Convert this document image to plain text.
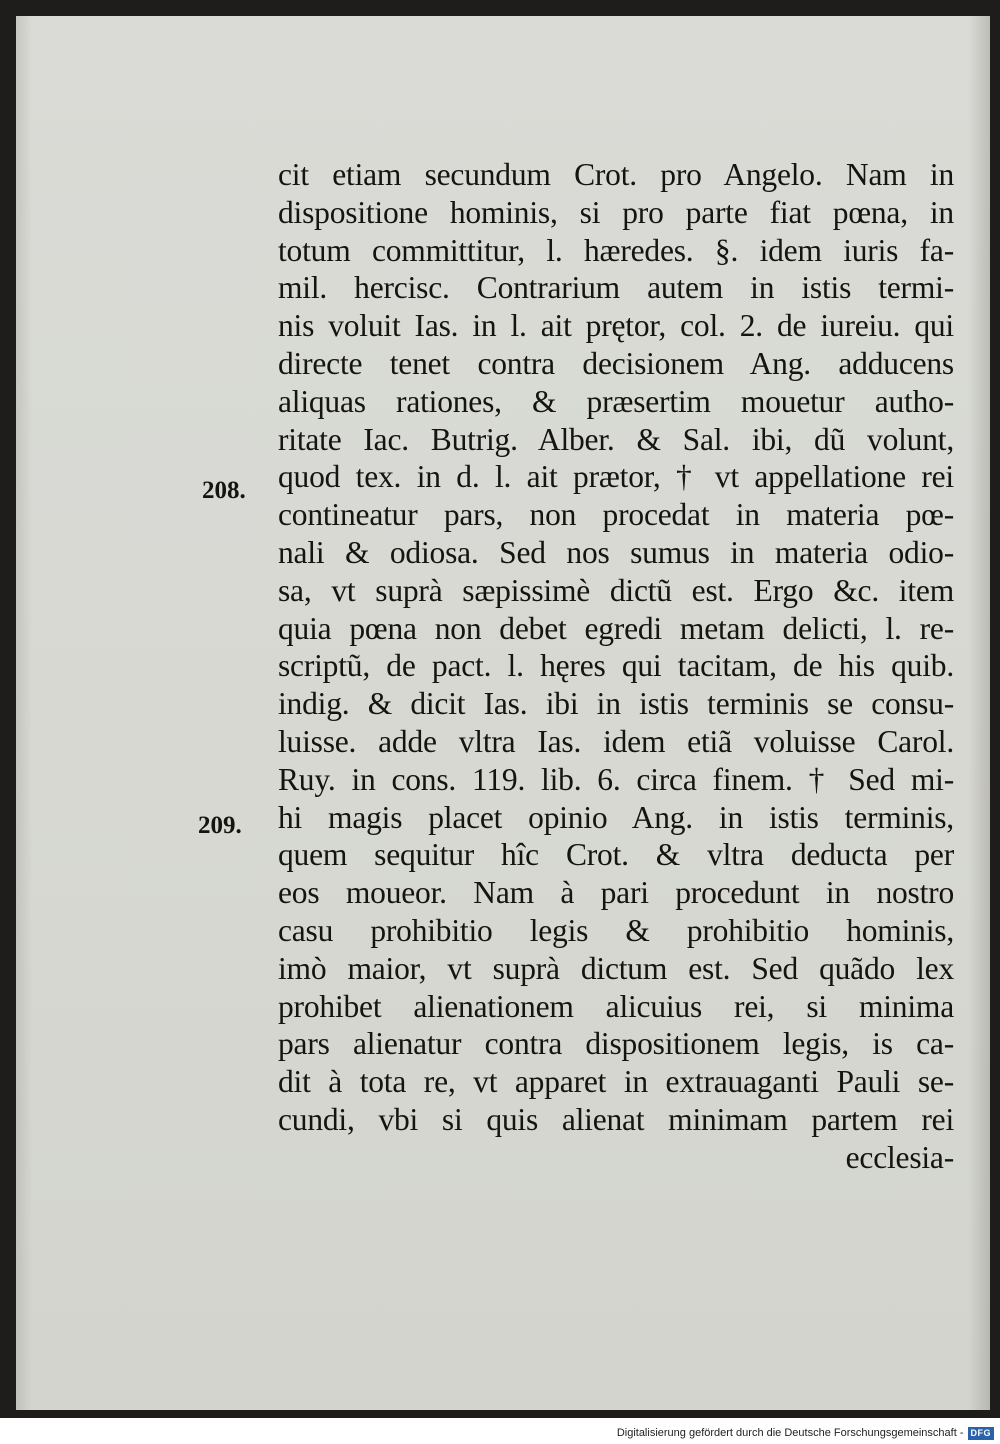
208.
209.
cit etiam secundum Crot. pro Angelo. Nam in
dispositione hominis, si pro parte fiat pœna, in
totum committitur, l. hæredes. §. idem iuris fa-
mil. hercisc. Contrarium autem in istis termi-
nis voluit Ias. in l. ait prętor, col. 2. de iureiu. qui
directe tenet contra decisionem Ang. adducens
aliquas rationes, & præsertim mouetur autho-
ritate Iac. Butrig. Alber. & Sal. ibi, dũ volunt,
quod tex. in d. l. ait prætor, † vt appellatione rei
contineatur pars, non procedat in materia pœ-
nali & odiosa. Sed nos sumus in materia odio-
sa, vt suprà sæpissimè dictũ est. Ergo &c. item
quia pœna non debet egredi metam delicti, l. re-
scriptũ, de pact. l. hęres qui tacitam, de his quib.
indig. & dicit Ias. ibi in istis terminis se consu-
luisse. adde vltra Ias. idem etiã voluisse Carol.
Ruy. in cons. 119. lib. 6. circa finem. † Sed mi-
hi magis placet opinio Ang. in istis terminis,
quem sequitur hîc Crot. & vltra deducta per
eos moueor. Nam à pari procedunt in nostro
casu prohibitio legis & prohibitio hominis,
imò maior, vt suprà dictum est. Sed quãdo lex
prohibet alienationem alicuius rei, si minima
pars alienatur contra dispositionem legis, is ca-
dit à tota re, vt apparet in extrauaganti Pauli se-
cundi, vbi si quis alienat minimam partem rei
ecclesia-
Digitalisierung gefördert durch die Deutsche Forschungsgemeinschaft - DFG
